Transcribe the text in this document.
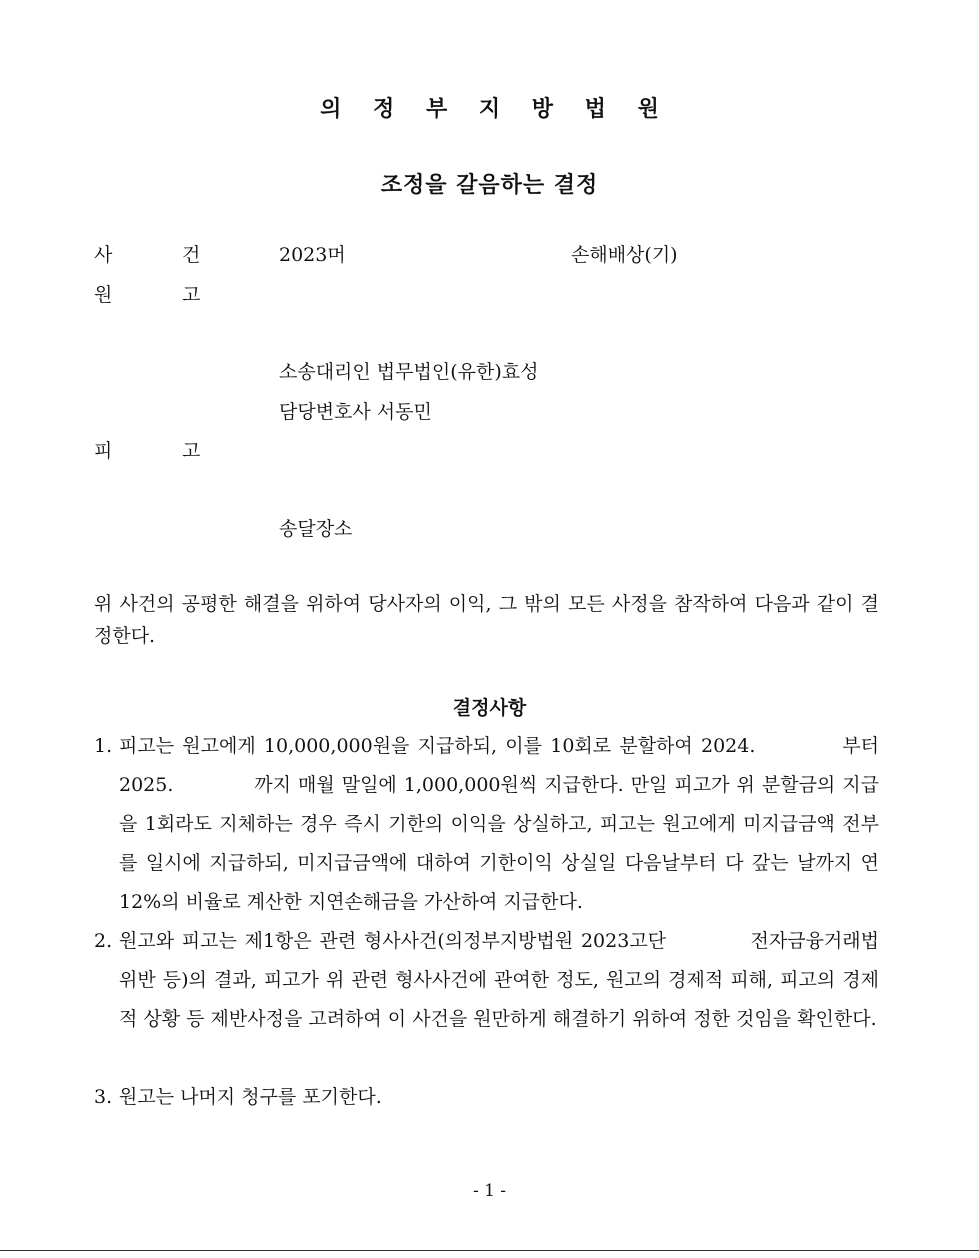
의 정 부 지 방 법 원
조정을 갈음하는 결정
사	건	2023머	손해배상(기)
원	고
소송대리인 법무법인(유한)효성
담당변호사 서동민
피	고
송달장소
위 사건의 공평한 해결을 위하여 당사자의 이익, 그 밖의 모든 사정을 참작하여 다음과 같이 결정한다.
결정사항
1. 피고는 원고에게 10,000,000원을 지급하되, 이를 10회로 분할하여 2024.　　　　부터 2025.　　　　까지 매월 말일에 1,000,000원씩 지급한다. 만일 피고가 위 분할금의 지급을 1회라도 지체하는 경우 즉시 기한의 이익을 상실하고, 피고는 원고에게 미지급금액 전부를 일시에 지급하되, 미지급금액에 대하여 기한이익 상실일 다음날부터 다 갚는 날까지 연 12%의 비율로 계산한 지연손해금을 가산하여 지급한다.
2. 원고와 피고는 제1항은 관련 형사사건(의정부지방법원 2023고단　　　　전자금융거래법위반 등)의 결과, 피고가 위 관련 형사사건에 관여한 정도, 원고의 경제적 피해, 피고의 경제적 상황 등 제반사정을 고려하여 이 사건을 원만하게 해결하기 위하여 정한 것임을 확인한다.
3. 원고는 나머지 청구를 포기한다.
- 1 -
